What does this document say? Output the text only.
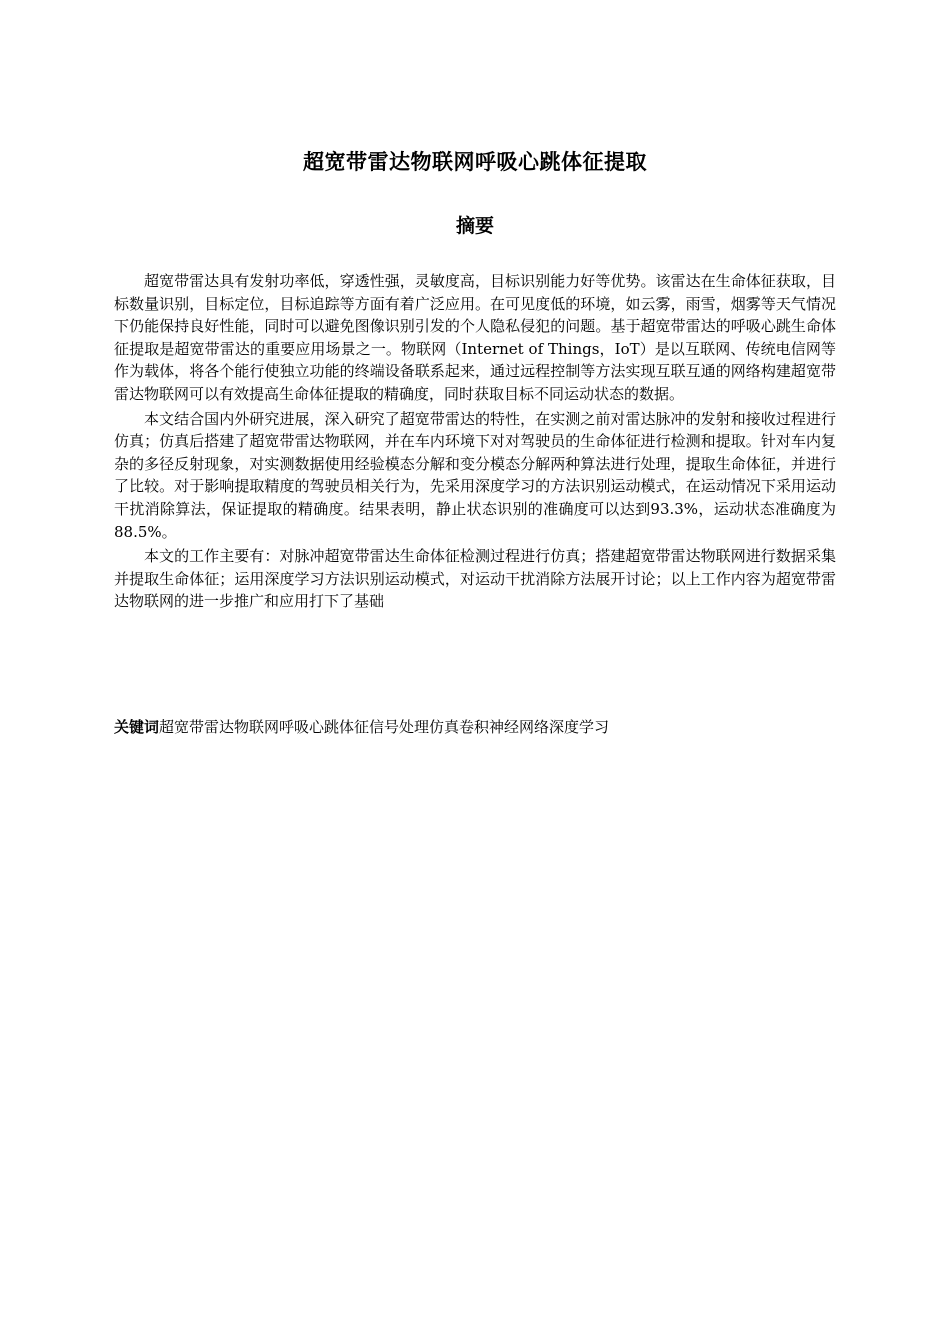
超宽带雷达物联网呼吸心跳体征提取
摘要

超宽带雷达具有发射功率低，穿透性强，灵敏度高，目标识别能力好等优势。该雷达在生命体征获取，目标数量识别，目标定位，目标追踪等方面有着广泛应用。在可见度低的环境，如云雾，雨雪，烟雾等天气情况下仍能保持良好性能，同时可以避免图像识别引发的个人隐私侵犯的问题。基于超宽带雷达的呼吸心跳生命体征提取是超宽带雷达的重要应用场景之一。物联网（Internet of Things，IoT）是以互联网、传统电信网等作为载体，将各个能行使独立功能的终端设备联系起来，通过远程控制等方法实现互联互通的网络构建超宽带雷达物联网可以有效提高生命体征提取的精确度，同时获取目标不同运动状态的数据。

本文结合国内外研究进展，深入研究了超宽带雷达的特性，在实测之前对雷达脉冲的发射和接收过程进行仿真；仿真后搭建了超宽带雷达物联网，并在车内环境下对对驾驶员的生命体征进行检测和提取。针对车内复杂的多径反射现象，对实测数据使用经验模态分解和变分模态分解两种算法进行处理，提取生命体征，并进行了比较。对于影响提取精度的驾驶员相关行为，先采用深度学习的方法识别运动模式，在运动情况下采用运动干扰消除算法，保证提取的精确度。结果表明，静止状态识别的准确度可以达到93.3%，运动状态准确度为88.5%。

本文的工作主要有：对脉冲超宽带雷达生命体征检测过程进行仿真；搭建超宽带雷达物联网进行数据采集并提取生命体征；运用深度学习方法识别运动模式，对运动干扰消除方法展开讨论；以上工作内容为超宽带雷达物联网的进一步推广和应用打下了基础

关键词超宽带雷达物联网呼吸心跳体征信号处理仿真卷积神经网络深度学习
